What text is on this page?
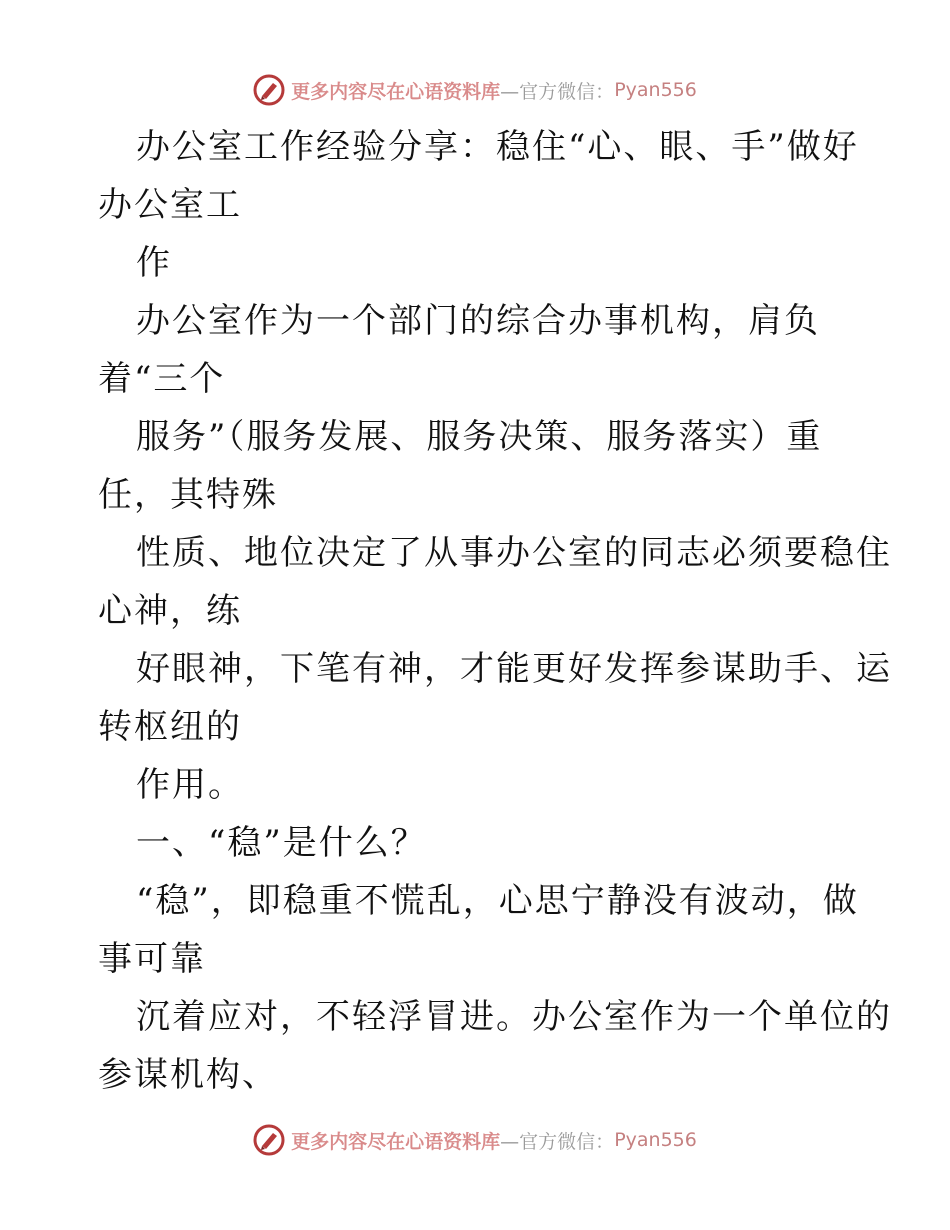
更多内容尽在心语资料库 —官方微信： Pyan556
办公室工作经验分享：稳住“心、眼、手”做好
办公室工
作
办公室作为一个部门的综合办事机构，肩负
着“三个
服务”（服务发展、服务决策、服务落实）重
任，其特殊
性质、地位决定了从事办公室的同志必须要稳住
心神，练
好眼神，下笔有神，才能更好发挥参谋助手、运
转枢纽的
作用。
一、“稳”是什么？
“稳”，即稳重不慌乱，心思宁静没有波动，做
事可靠
沉着应对，不轻浮冒进。办公室作为一个单位的
参谋机构、
更多内容尽在心语资料库 —官方微信： Pyan556
